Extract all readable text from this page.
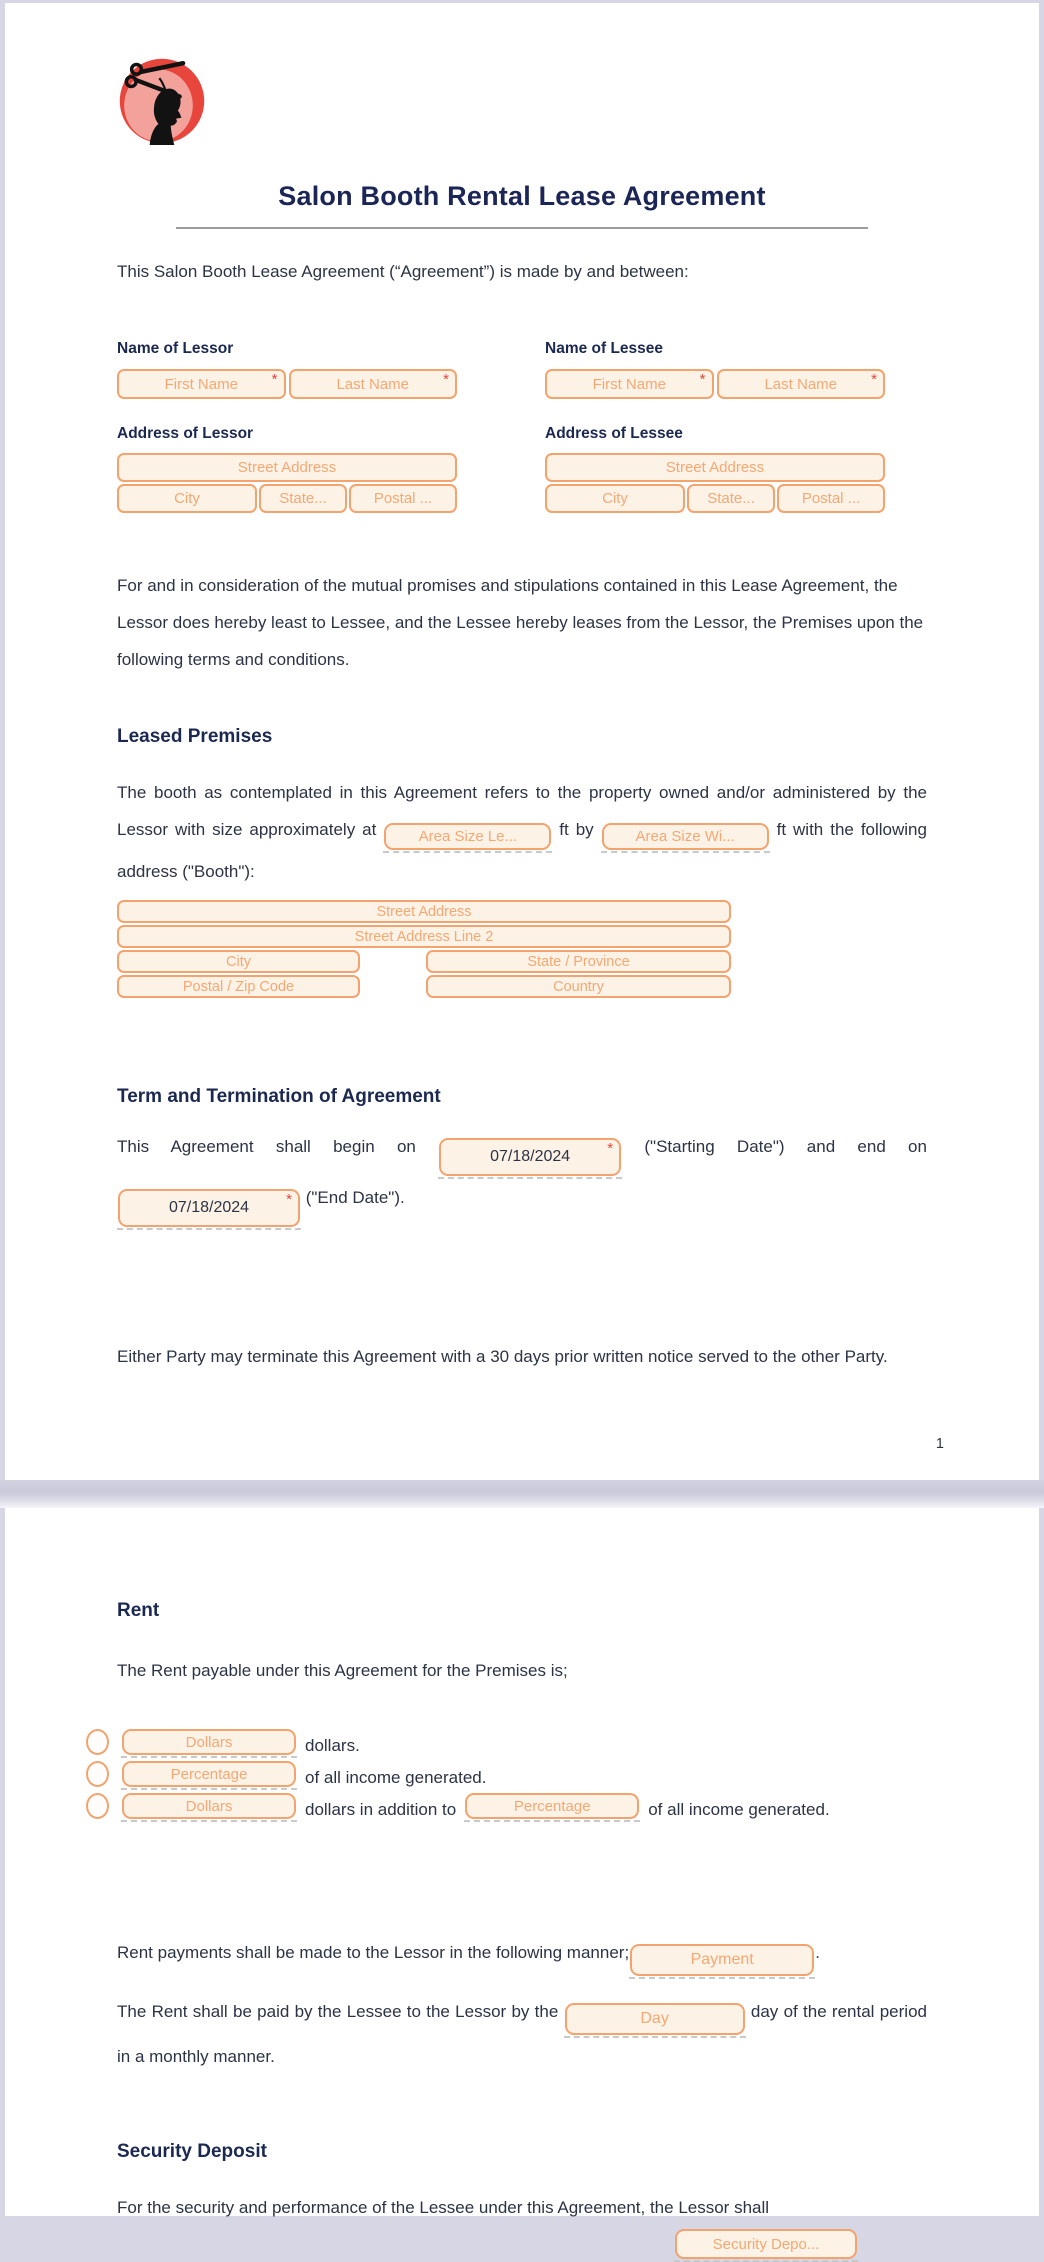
Salon Booth Rental Lease Agreement

This Salon Booth Lease Agreement (“Agreement”) is made by and between:

Name of Lessor
First Name *	Last Name *
Address of Lessor
Street Address
City	State...	Postal ...
Name of Lessee
First Name *	Last Name *
Address of Lessee
Street Address
City	State...	Postal ...

For and in consideration of the mutual promises and stipulations contained in this Lease Agreement, the Lessor does hereby least to Lessee, and the Lessee hereby leases from the Lessor, the Premises upon the following terms and conditions.

Leased Premises

The booth as contemplated in this Agreement refers to the property owned and/or administered by the Lessor with size approximately at	Area Size Le... ft by	Area Size Wi... ft with the following address ("Booth"):

Street Address
Street Address Line 2
City	State / Province
Postal / Zip Code	Country
Term and Termination of Agreement

This Agreement shall begin on
07/18/2024 * ("Starting Date") and end on
07/18/2024 * ("End Date").

Either Party may terminate this Agreement with a 30 days prior written notice served to the other Party.

1
Rent

The Rent payable under this Agreement for the Premises is;

Dollars	dollars.
Percentage	of all income generated.
Dollars	dollars in addition to	Percentage	of all income generated.

Rent payments shall be made to the Lessor in the following manner;	Payment	.

The Rent shall be paid by the Lessee to the Lessor by the	Day	day of the rental period in a monthly manner.

Security Deposit

For the security and performance of the Lessee under this Agreement, the Lessor shall

Security Depo...
